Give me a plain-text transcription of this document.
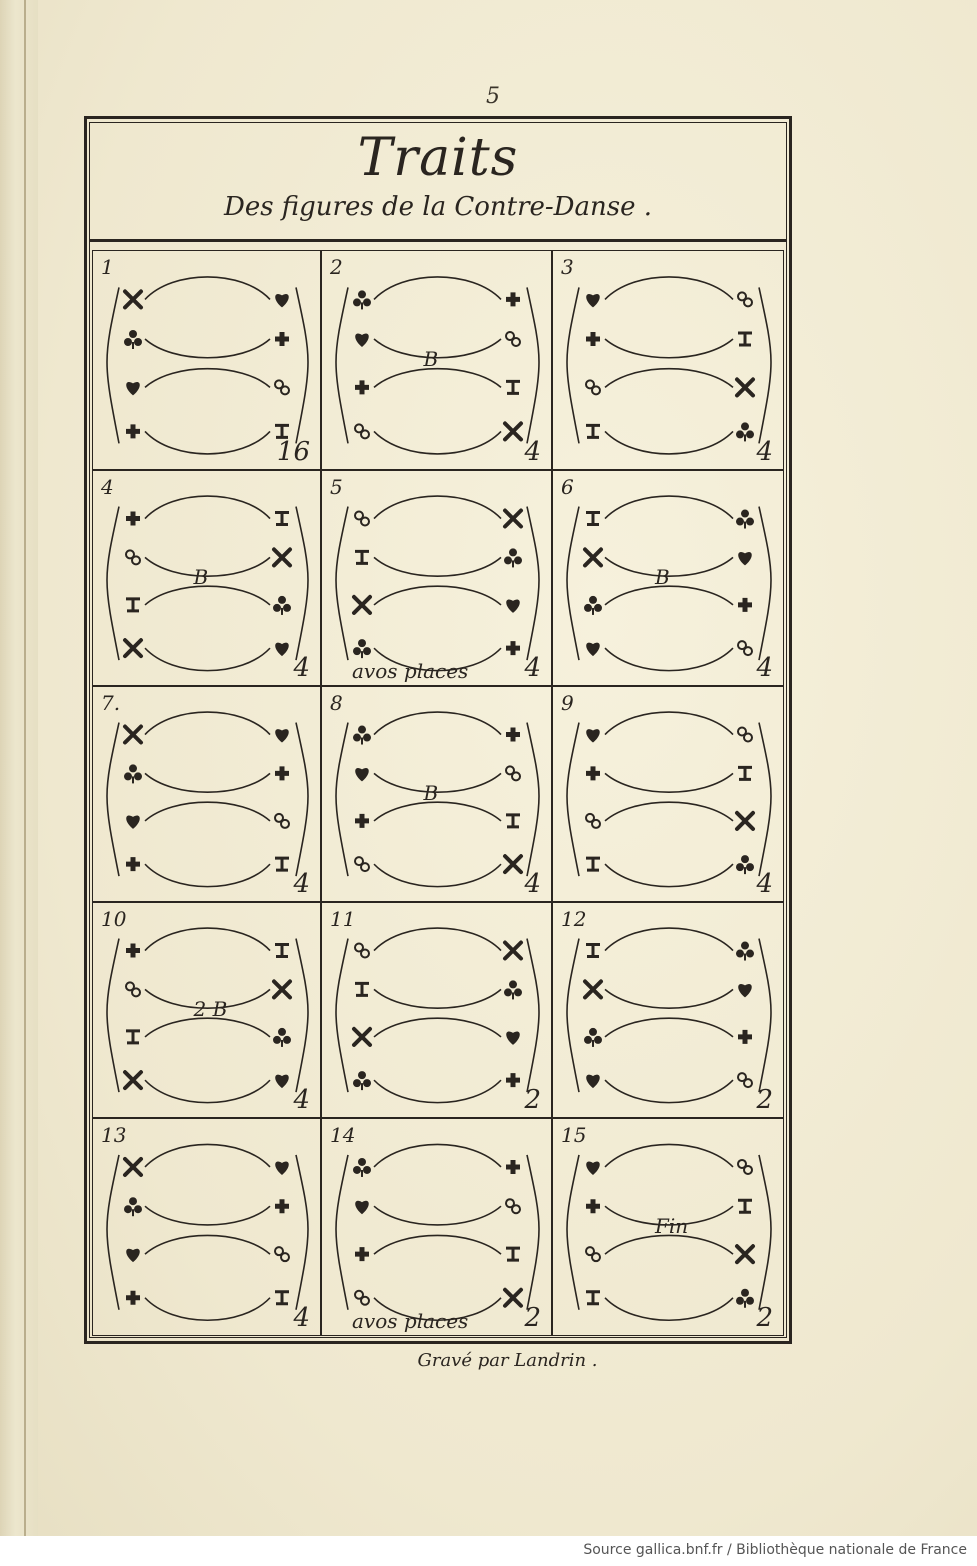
5
Gravé par Landrin .
Traits
Des figures de la Contre-Danse .
1
16
2
4
B
3
4
4
4
B
5
4
avos places
6
4
B
7.
4
8
4
B
9
4
10
4
2 B
11
2
12
2
13
4
14
2
avos places
15
2
Fin
Source gallica.bnf.fr / Bibliothèque nationale de France
